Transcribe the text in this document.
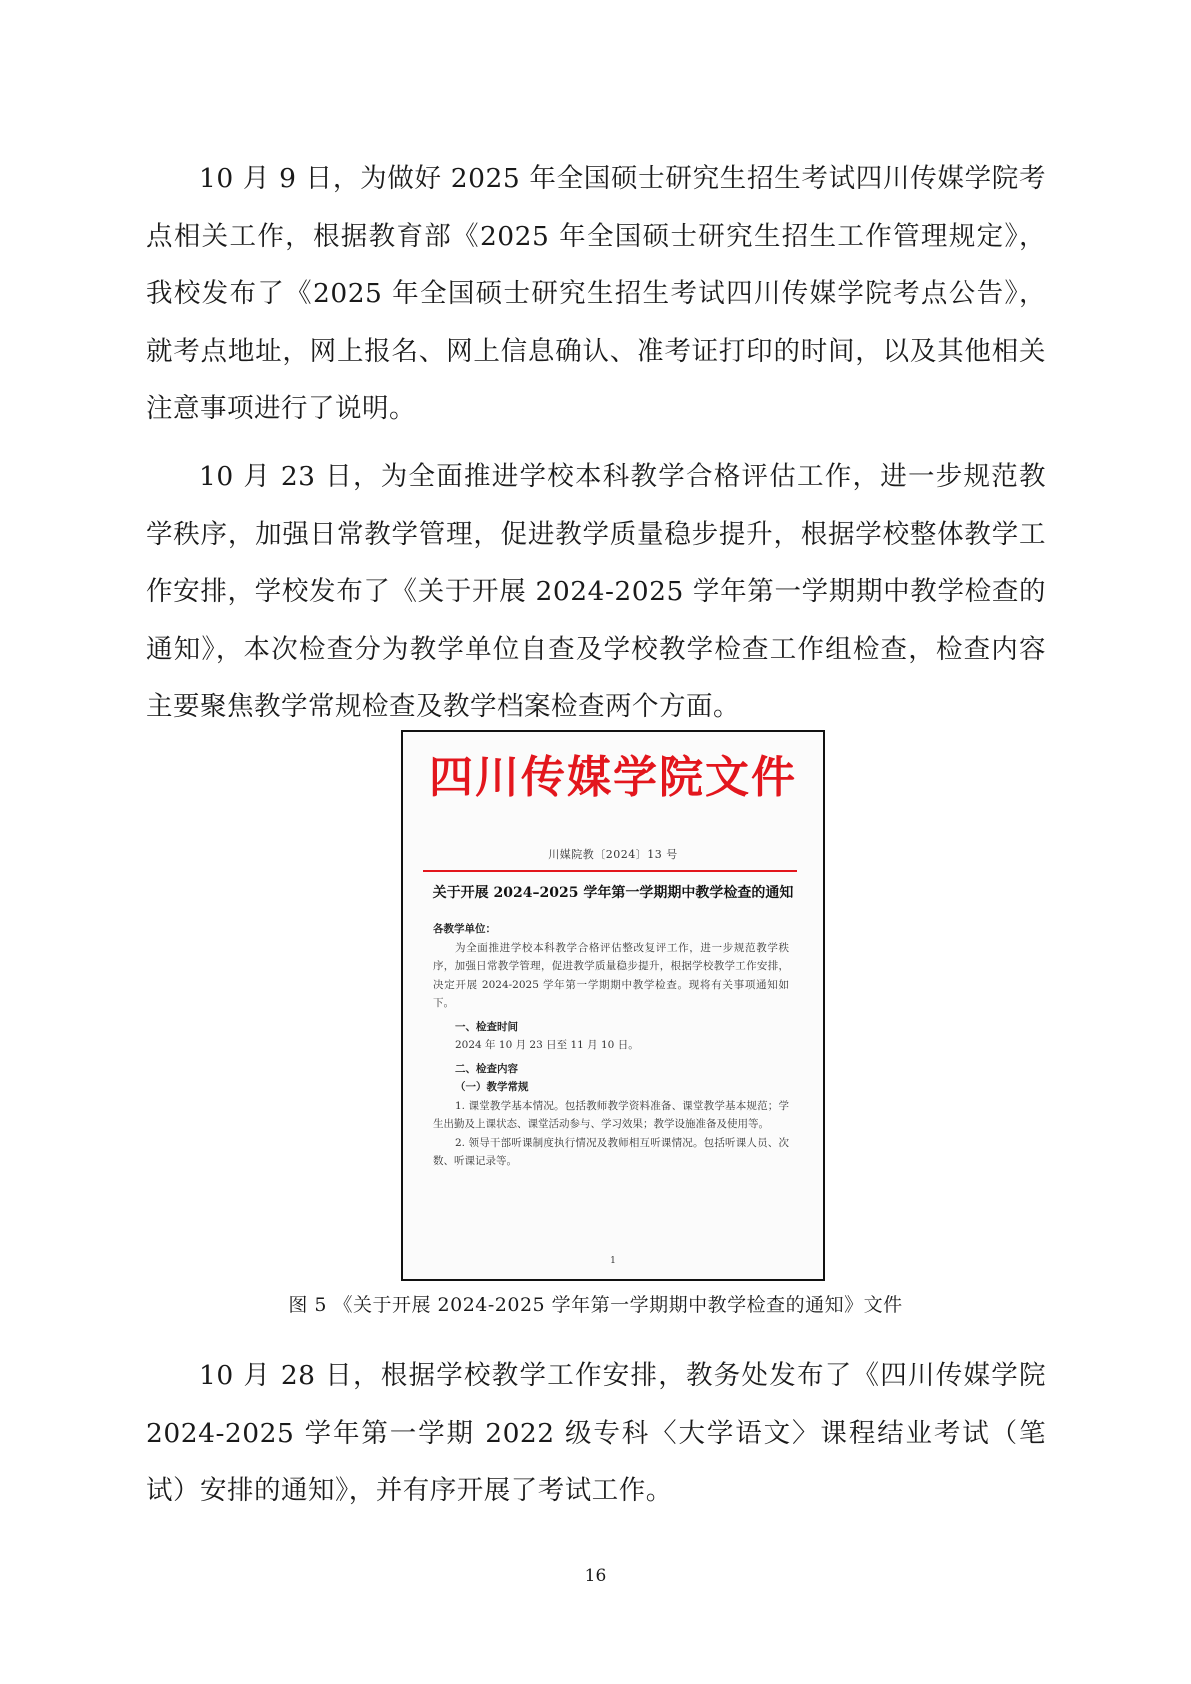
10 月 9 日，为做好 2025 年全国硕士研究生招生考试四川传媒学院考点相关工作，根据教育部《2025 年全国硕士研究生招生工作管理规定》，我校发布了《2025 年全国硕士研究生招生考试四川传媒学院考点公告》，就考点地址，网上报名、网上信息确认、准考证打印的时间，以及其他相关注意事项进行了说明。

10 月 23 日，为全面推进学校本科教学合格评估工作，进一步规范教学秩序，加强日常教学管理，促进教学质量稳步提升，根据学校整体教学工作安排，学校发布了《关于开展 2024-2025 学年第一学期期中教学检查的通知》，本次检查分为教学单位自查及学校教学检查工作组检查，检查内容主要聚焦教学常规检查及教学档案检查两个方面。

四川传媒学院文件
川媒院教〔2024〕13 号
关于开展 2024–2025 学年第一学期期中教学检查的通知

各教学单位：

为全面推进学校本科教学合格评估整改复评工作，进一步规范教学秩序，加强日常教学管理，促进教学质量稳步提升，根据学校教学工作安排，决定开展 2024-2025 学年第一学期期中教学检查。现将有关事项通知如下。

一、检查时间

2024 年 10 月 23 日至 11 月 10 日。

二、检查内容

（一）教学常规

1. 课堂教学基本情况。包括教师教学资料准备、课堂教学基本规范；学生出勤及上课状态、课堂活动参与、学习效果；教学设施准备及使用等。

2. 领导干部听课制度执行情况及教师相互听课情况。包括听课人员、次数、听课记录等。

1
图 5 《关于开展 2024-2025 学年第一学期期中教学检查的通知》文件

10 月 28 日，根据学校教学工作安排，教务处发布了《四川传媒学院 2024-2025 学年第一学期 2022 级专科〈大学语文〉课程结业考试（笔试）安排的通知》，并有序开展了考试工作。

16
